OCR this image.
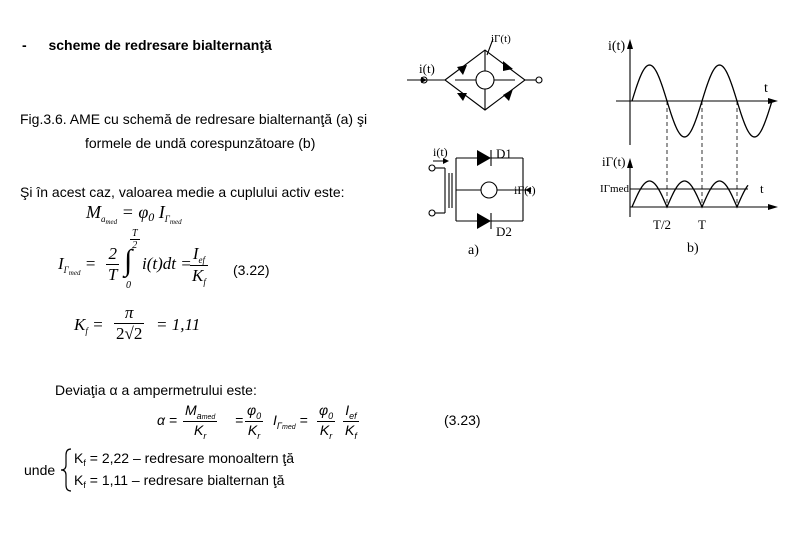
- scheme de redresare bialternanţă
Fig.3.6. AME cu schemă de redresare bialternanţă (a) şi
formele de undă corespunzătoare (b)
Şi în acest caz, valoarea medie a cuplului activ este:
$M_{amed} = \varphi 0$ $I_{\Gamma med}$
$I_{\Gamma med} = \frac{2}{T}$
$\frac{T}{2}$
∫
0
i(t)dt =
$I_{ef}$
$K_f$
(3.22)
$K_f = \frac{\pi}{2√2} = 1,11$
Deviaţia α a ampermetrului este:
α =
$M_{amed}$
$K_r$
= $\frac{\varphi_0}{K_r} I_{\Gamma med} = \frac{\varphi_0}{K_r} I_{ef}$
$K_f$
(3.23)
unde
$K_f = 2,22$ – redresare monoaltern ţă
$K_f = 1,11$ – redresare bialternan ţă
i(t)
iΓ(t)
i(t)
iΓ(t)
D1
D2
a)
i(t)
t
iΓ(t)
IΓmed	t
T/2 T
b)
